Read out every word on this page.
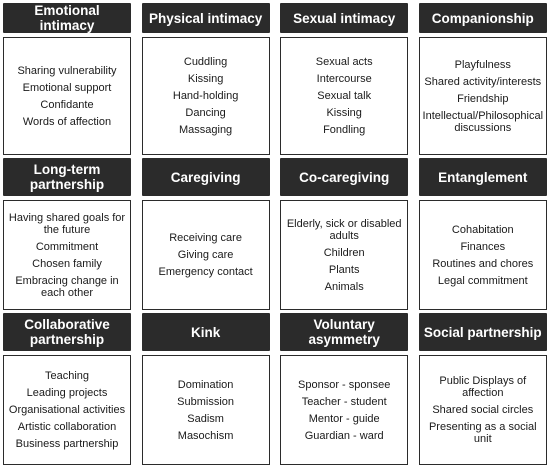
Emotional intimacy
Sharing vulnerability
Emotional support
Confidante
Words of affection
Physical intimacy
Cuddling
Kissing
Hand-holding
Dancing
Massaging
Sexual intimacy
Sexual acts
Intercourse
Sexual talk
Kissing
Fondling
Companionship
Playfulness
Shared activity/interests
Friendship
Intellectual/Philosophical discussions
Long-term partnership
Having shared goals for the future
Commitment
Chosen family
Embracing change in each other
Caregiving
Receiving care
Giving care
Emergency contact
Co-caregiving
Elderly, sick or disabled adults
Children
Plants
Animals
Entanglement
Cohabitation
Finances
Routines and chores
Legal commitment
Collaborative partnership
Teaching
Leading projects
Organisational activities
Artistic collaboration
Business partnership
Kink
Domination
Submission
Sadism
Masochism
Voluntary asymmetry
Sponsor - sponsee
Teacher - student
Mentor - guide
Guardian - ward
Social partnership
Public Displays of affection
Shared social circles
Presenting as a social unit
